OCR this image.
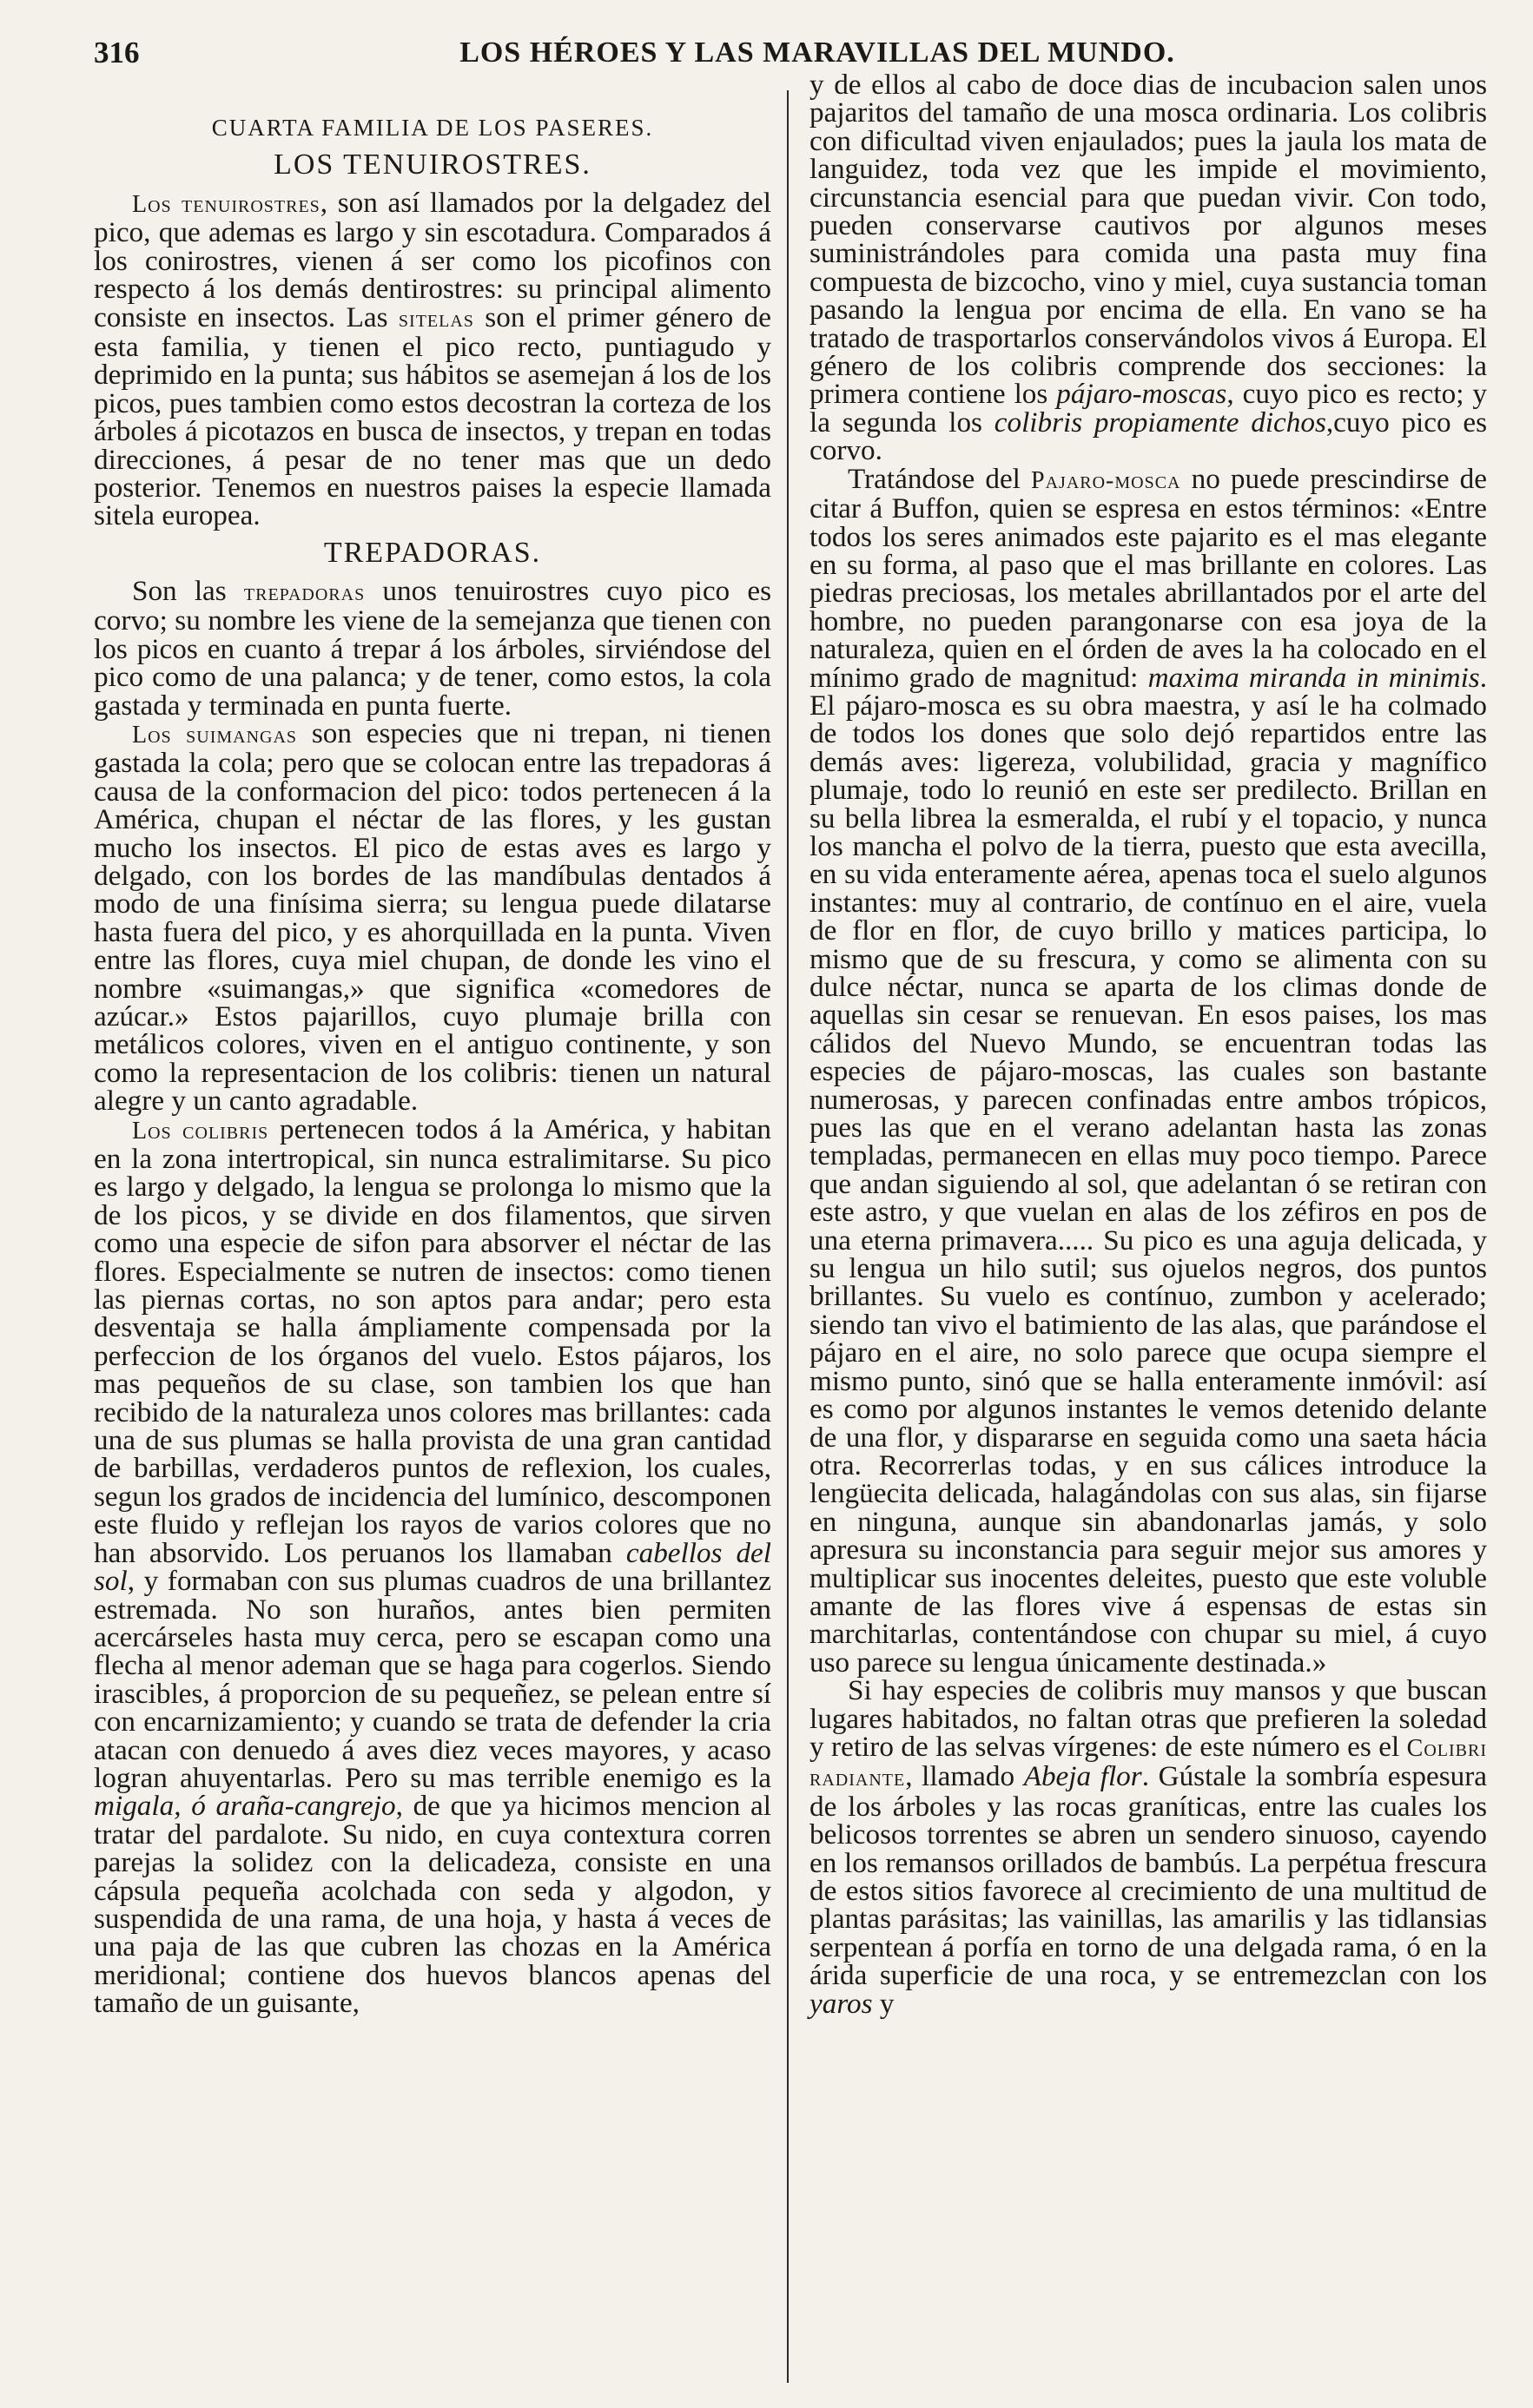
316	LOS HÉROES Y LAS MARAVILLAS DEL MUNDO.
CUARTA FAMILIA DE LOS PASERES.
LOS TENUIROSTRES.

Los tenuirostres, son así llamados por la delgadez del pico, que ademas es largo y sin escotadura. Comparados á los conirostres, vienen á ser como los picofinos con respecto á los demás dentirostres: su principal alimento consiste en insectos. Las sitelas son el primer género de esta familia, y tienen el pico recto, puntiagudo y deprimido en la punta; sus hábitos se asemejan á los de los picos, pues tambien como estos decostran la corteza de los árboles á picotazos en busca de insectos, y trepan en todas direcciones, á pesar de no tener mas que un dedo posterior. Tenemos en nuestros paises la especie llamada sitela europea.

TREPADORAS.

Son las trepadoras unos tenuirostres cuyo pico es corvo; su nombre les viene de la semejanza que tienen con los picos en cuanto á trepar á los árboles, sirviéndose del pico como de una palanca; y de tener, como estos, la cola gastada y terminada en punta fuerte.

Los suimangas son especies que ni trepan, ni tienen gastada la cola; pero que se colocan entre las trepadoras á causa de la conformacion del pico: todos pertenecen á la América, chupan el néctar de las flores, y les gustan mucho los insectos. El pico de estas aves es largo y delgado, con los bordes de las mandíbulas dentados á modo de una finísima sierra; su lengua puede dilatarse hasta fuera del pico, y es ahorquillada en la punta. Viven entre las flores, cuya miel chupan, de donde les vino el nombre «suimangas,» que significa «comedores de azúcar.» Estos pajarillos, cuyo plumaje brilla con metálicos colores, viven en el antiguo continente, y son como la representacion de los colibris: tienen un natural alegre y un canto agradable.

Los colibris pertenecen todos á la América, y habitan en la zona intertropical, sin nunca estralimitarse. Su pico es largo y delgado, la lengua se prolonga lo mismo que la de los picos, y se divide en dos filamentos, que sirven como una especie de sifon para absorver el néctar de las flores. Especialmente se nutren de insectos: como tienen las piernas cortas, no son aptos para andar; pero esta desventaja se halla ámpliamente compensada por la perfeccion de los órganos del vuelo. Estos pájaros, los mas pequeños de su clase, son tambien los que han recibido de la naturaleza unos colores mas brillantes: cada una de sus plumas se halla provista de una gran cantidad de barbillas, verdaderos puntos de reflexion, los cuales, segun los grados de incidencia del lumínico, descomponen este fluido y reflejan los rayos de varios colores que no han absorvido. Los peruanos los llamaban cabellos del sol, y formaban con sus plumas cuadros de una brillantez estremada. No son huraños, antes bien permiten acercárseles hasta muy cerca, pero se escapan como una flecha al menor ademan que se haga para cogerlos. Siendo irascibles, á proporcion de su pequeñez, se pelean entre sí con encarnizamiento; y cuando se trata de defender la cria atacan con denuedo á aves diez veces mayores, y acaso logran ahuyentarlas. Pero su mas terrible enemigo es la migala, ó araña-cangrejo, de que ya hicimos mencion al tratar del pardalote. Su nido, en cuya contextura corren parejas la solidez con la delicadeza, consiste en una cápsula pequeña acolchada con seda y algodon, y suspendida de una rama, de una hoja, y hasta á veces de una paja de las que cubren las chozas en la América meridional; contiene dos huevos blancos apenas del tamaño de un guisante,

y de ellos al cabo de doce dias de incubacion salen unos pajaritos del tamaño de una mosca ordinaria. Los colibris con dificultad viven enjaulados; pues la jaula los mata de languidez, toda vez que les impide el movimiento, circunstancia esencial para que puedan vivir. Con todo, pueden conservarse cautivos por algunos meses suministrándoles para comida una pasta muy fina compuesta de bizcocho, vino y miel, cuya sustancia toman pasando la lengua por encima de ella. En vano se ha tratado de trasportarlos conservándolos vivos á Europa. El género de los colibris comprende dos secciones: la primera contiene los pájaro-moscas, cuyo pico es recto; y la segunda los colibris propiamente dichos,cuyo pico es corvo.

Tratándose del Pajaro-mosca no puede prescindirse de citar á Buffon, quien se espresa en estos términos: «Entre todos los seres animados este pajarito es el mas elegante en su forma, al paso que el mas brillante en colores. Las piedras preciosas, los metales abrillantados por el arte del hombre, no pueden parangonarse con esa joya de la naturaleza, quien en el órden de aves la ha colocado en el mínimo grado de magnitud: maxima miranda in minimis. El pájaro-mosca es su obra maestra, y así le ha colmado de todos los dones que solo dejó repartidos entre las demás aves: ligereza, volubilidad, gracia y magnífico plumaje, todo lo reunió en este ser predilecto. Brillan en su bella librea la esmeralda, el rubí y el topacio, y nunca los mancha el polvo de la tierra, puesto que esta avecilla, en su vida enteramente aérea, apenas toca el suelo algunos instantes: muy al contrario, de contínuo en el aire, vuela de flor en flor, de cuyo brillo y matices participa, lo mismo que de su frescura, y como se alimenta con su dulce néctar, nunca se aparta de los climas donde de aquellas sin cesar se renuevan. En esos paises, los mas cálidos del Nuevo Mundo, se encuentran todas las especies de pájaro-moscas, las cuales son bastante numerosas, y parecen confinadas entre ambos trópicos, pues las que en el verano adelantan hasta las zonas templadas, permanecen en ellas muy poco tiempo. Parece que andan siguiendo al sol, que adelantan ó se retiran con este astro, y que vuelan en alas de los zéfiros en pos de una eterna primavera..... Su pico es una aguja delicada, y su lengua un hilo sutil; sus ojuelos negros, dos puntos brillantes. Su vuelo es contínuo, zumbon y acelerado; siendo tan vivo el batimiento de las alas, que parándose el pájaro en el aire, no solo parece que ocupa siempre el mismo punto, sinó que se halla enteramente inmóvil: así es como por algunos instantes le vemos detenido delante de una flor, y dispararse en seguida como una saeta hácia otra. Recorrerlas todas, y en sus cálices introduce la lengüecita delicada, halagándolas con sus alas, sin fijarse en ninguna, aunque sin abandonarlas jamás, y solo apresura su inconstancia para seguir mejor sus amores y multiplicar sus inocentes deleites, puesto que este voluble amante de las flores vive á espensas de estas sin marchitarlas, contentándose con chupar su miel, á cuyo uso parece su lengua únicamente destinada.»

Si hay especies de colibris muy mansos y que buscan lugares habitados, no faltan otras que prefieren la soledad y retiro de las selvas vírgenes: de este número es el Colibri radiante, llamado Abeja flor. Gústale la sombría espesura de los árboles y las rocas graníticas, entre las cuales los belicosos torrentes se abren un sendero sinuoso, cayendo en los remansos orillados de bambús. La perpétua frescura de estos sitios favorece al crecimiento de una multitud de plantas parásitas; las vainillas, las amarilis y las tidlansias serpentean á porfía en torno de una delgada rama, ó en la árida superficie de una roca, y se entremezclan con los yaros y
